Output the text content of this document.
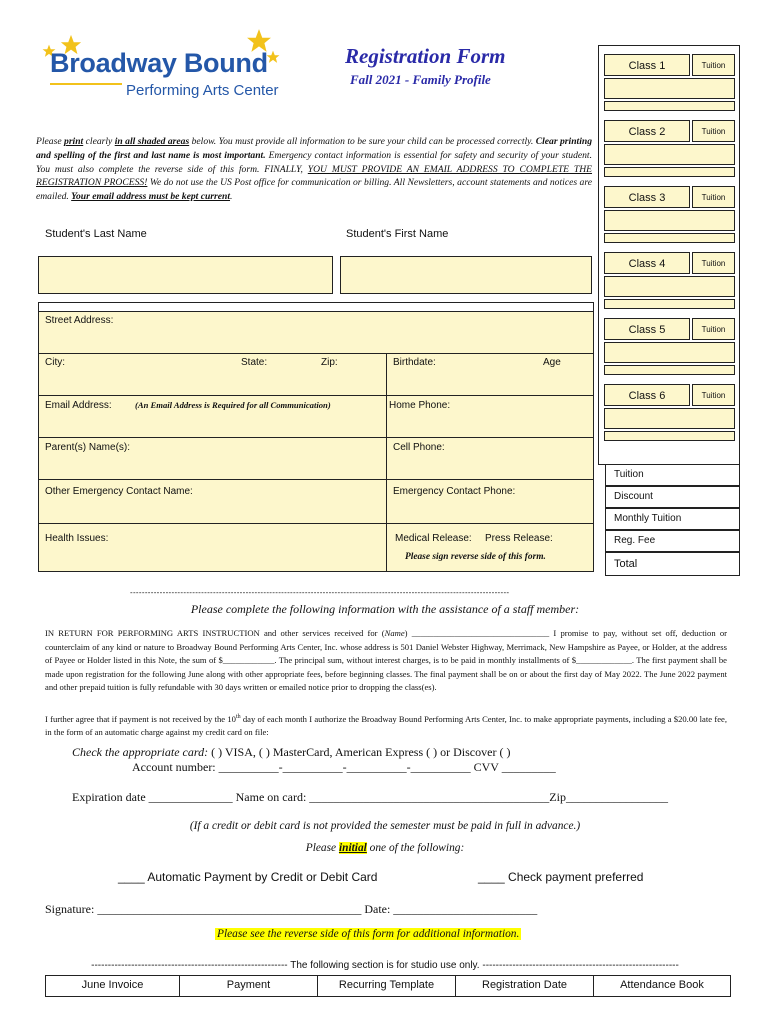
Broadway Bound
Performing Arts Center
Registration Form
Fall 2021 - Family Profile
Please print clearly in all shaded areas below. You must provide all information to be sure your child can be processed correctly. Clear printing and spelling of the first and last name is most important. Emergency contact information is essential for safety and security of your student. You must also complete the reverse side of this form. FINALLY, YOU MUST PROVIDE AN EMAIL ADDRESS TO COMPLETE THE REGISTRATION PROCESS! We do not use the US Post office for communication or billing. All Newsletters, account statements and notices are emailed. Your email address must be kept current.
Student's Last Name	Student's First Name
Street Address:
City:	State:	Zip:	Birthdate:	Age
Email Address:	(An Email Address is Required for all Communication)	Home Phone:
Parent(s) Name(s):	Cell Phone:
Other Emergency Contact Name:	Emergency Contact Phone:
Health Issues:	Medical Release: Press Release:
Please sign reverse side of this form.
Class 1	Tuition
Class 2	Tuition
Class 3	Tuition
Class 4	Tuition
Class 5	Tuition
Class 6	Tuition
Tuition
Discount
Monthly Tuition
Reg. Fee
Total
--------------------------------------------------------------------------------------------------------------------------------
Please complete the following information with the assistance of a staff member:
IN RETURN FOR PERFORMING ARTS INSTRUCTION and other services received for (Name) ________________________________ I promise to pay, without set off, deduction or counterclaim of any kind or nature to Broadway Bound Performing Arts Center, Inc. whose address is 501 Daniel Webster Highway, Merrimack, New Hampshire as Payee, or Holder, at the address of Payee or Holder listed in this Note, the sum of $____________. The principal sum, without interest charges, is to be paid in monthly installments of $_____________. The first payment shall be made upon registration for the following June along with other appropriate fees, before beginning classes. The final payment shall be on or about the first day of May 2022. The June 2022 payment and other prepaid tuition is fully refundable with 30 days written or emailed notice prior to dropping the class(es).
I further agree that if payment is not received by the 10th day of each month I authorize the Broadway Bound Performing Arts Center, Inc. to make appropriate payments, including a $20.00 late fee, in the form of an automatic charge against my credit card on file:
Check the appropriate card: ( ) VISA, ( ) MasterCard, American Express ( ) or Discover ( )
Account number: __________-__________-__________-__________ CVV _________
Expiration date ______________ Name on card: ________________________________________Zip_________________
(If a credit or debit card is not provided the semester must be paid in full in advance.)
Please initial one of the following:
____ Automatic Payment by Credit or Debit Card	____ Check payment preferred
Signature: ____________________________________________ Date: ________________________
Please see the reverse side of this form for additional information.
----------------------------------------------------------- The following section is for studio use only. -----------------------------------------------------------
June Invoice	Payment	Recurring Template	Registration Date	Attendance Book
